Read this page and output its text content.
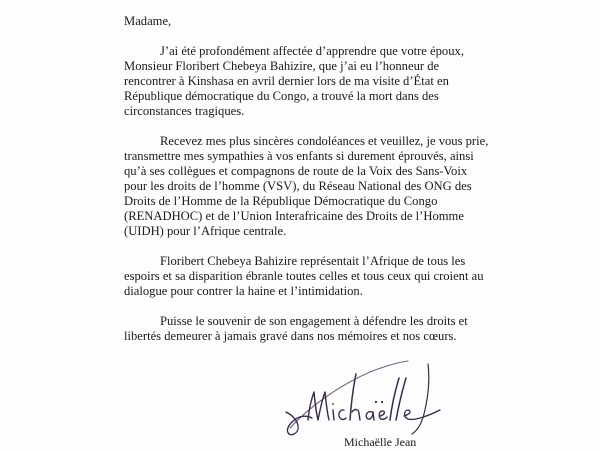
Madame,
J’ai été profondément affectée d’apprendre que votre époux,
Monsieur Floribert Chebeya Bahizire, que j’ai eu l’honneur de
rencontrer à Kinshasa en avril dernier lors de ma visite d’État en
République démocratique du Congo, a trouvé la mort dans des
circonstances tragiques.
Recevez mes plus sincères condoléances et veuillez, je vous prie,
transmettre mes sympathies à vos enfants si durement éprouvés, ainsi
qu’à ses collègues et compagnons de route de la Voix des Sans-Voix
pour les droits de l’homme (VSV), du Réseau National des ONG des
Droits de l’Homme de la République Démocratique du Congo
(RENADHOC) et de l’Union Interafricaine des Droits de l’Homme
(UIDH) pour l’Afrique centrale.
Floribert Chebeya Bahizire représentait l’Afrique de tous les
espoirs et sa disparition ébranle toutes celles et tous ceux qui croient au
dialogue pour contrer la haine et l’intimidation.
Puisse le souvenir de son engagement à défendre les droits et
libertés demeurer à jamais gravé dans nos mémoires et nos cœurs.
Michaëlle Jean
